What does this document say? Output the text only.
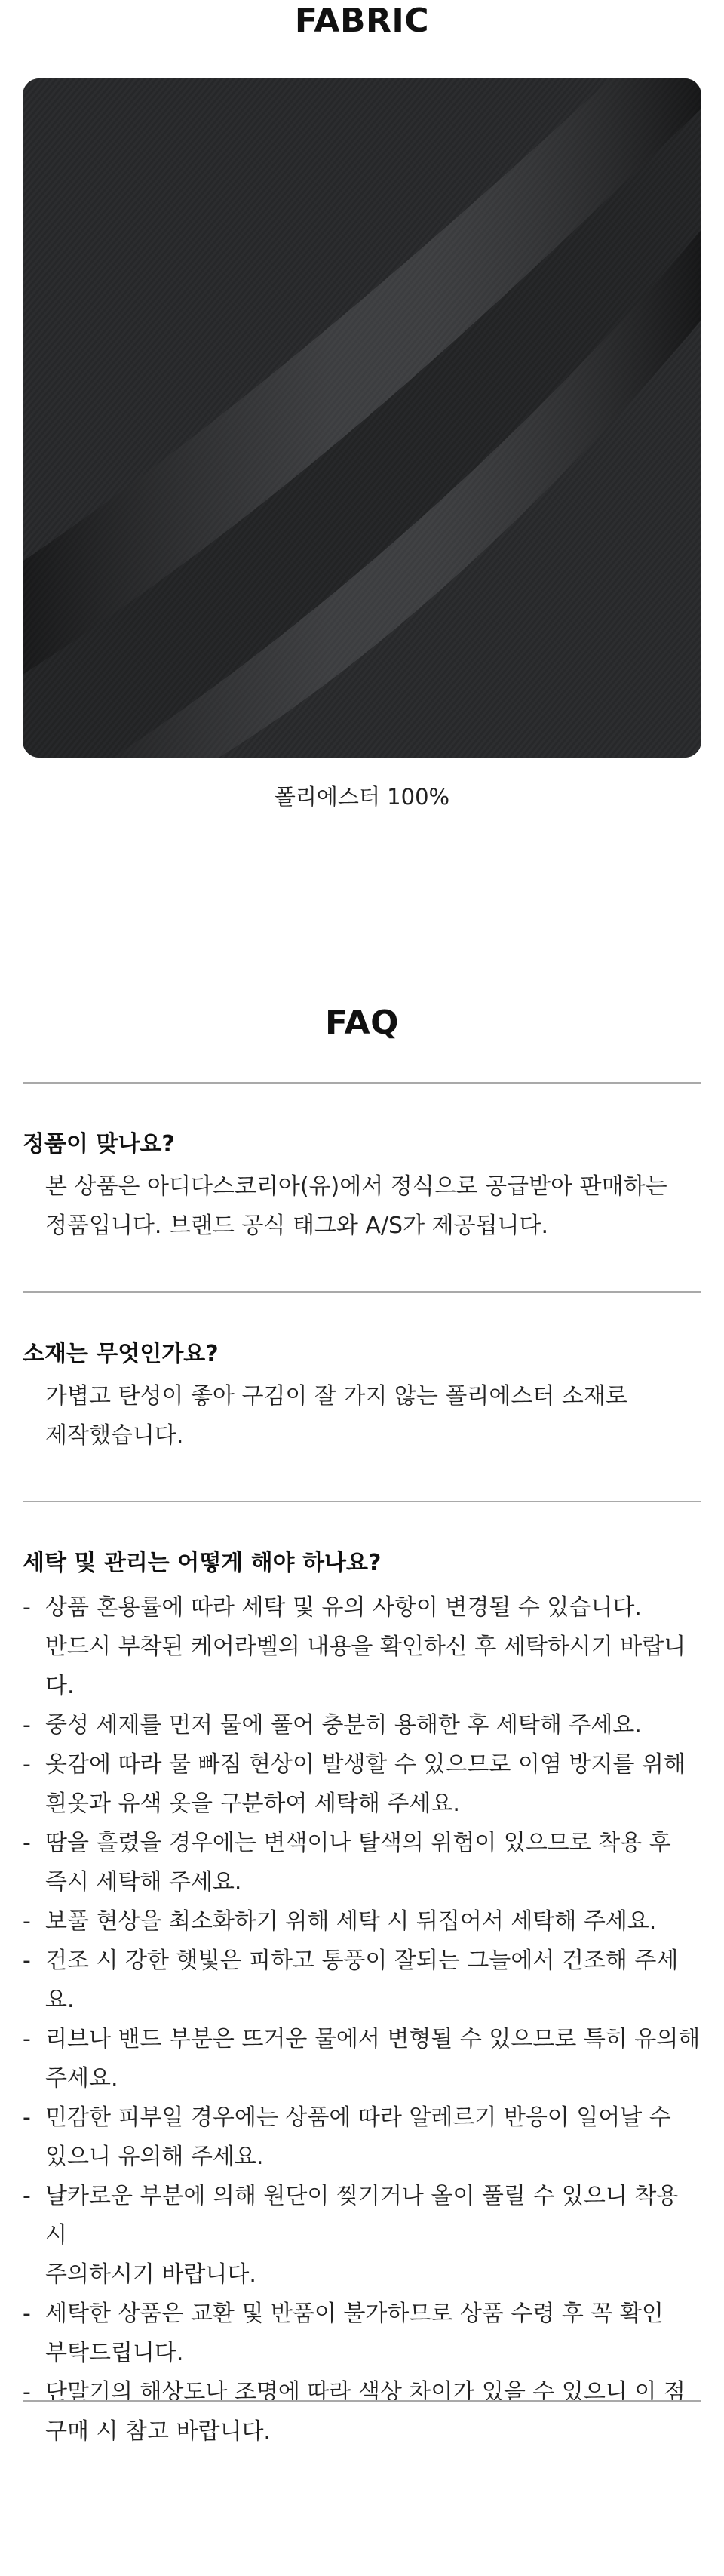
FABRIC
폴리에스터 100%
FAQ
정품이 맞나요?
본 상품은 아디다스코리아(유)에서 정식으로 공급받아 판매하는
정품입니다. 브랜드 공식 태그와 A/S가 제공됩니다.
소재는 무엇인가요?
가볍고 탄성이 좋아 구김이 잘 가지 않는 폴리에스터 소재로
제작했습니다.
세탁 및 관리는 어떻게 해야 하나요?
- 상품 혼용률에 따라 세탁 및 유의 사항이 변경될 수 있습니다.
반드시 부착된 케어라벨의 내용을 확인하신 후 세탁하시기 바랍니다.
- 중성 세제를 먼저 물에 풀어 충분히 용해한 후 세탁해 주세요.
- 옷감에 따라 물 빠짐 현상이 발생할 수 있으므로 이염 방지를 위해
흰옷과 유색 옷을 구분하여 세탁해 주세요.
- 땀을 흘렸을 경우에는 변색이나 탈색의 위험이 있으므로 착용 후
즉시 세탁해 주세요.
- 보풀 현상을 최소화하기 위해 세탁 시 뒤집어서 세탁해 주세요.
- 건조 시 강한 햇빛은 피하고 통풍이 잘되는 그늘에서 건조해 주세요.
- 리브나 밴드 부분은 뜨거운 물에서 변형될 수 있으므로 특히 유의해
주세요.
- 민감한 피부일 경우에는 상품에 따라 알레르기 반응이 일어날 수
있으니 유의해 주세요.
- 날카로운 부분에 의해 원단이 찢기거나 올이 풀릴 수 있으니 착용 시
주의하시기 바랍니다.
- 세탁한 상품은 교환 및 반품이 불가하므로 상품 수령 후 꼭 확인
부탁드립니다.
- 단말기의 해상도나 조명에 따라 색상 차이가 있을 수 있으니 이 점
구매 시 참고 바랍니다.
